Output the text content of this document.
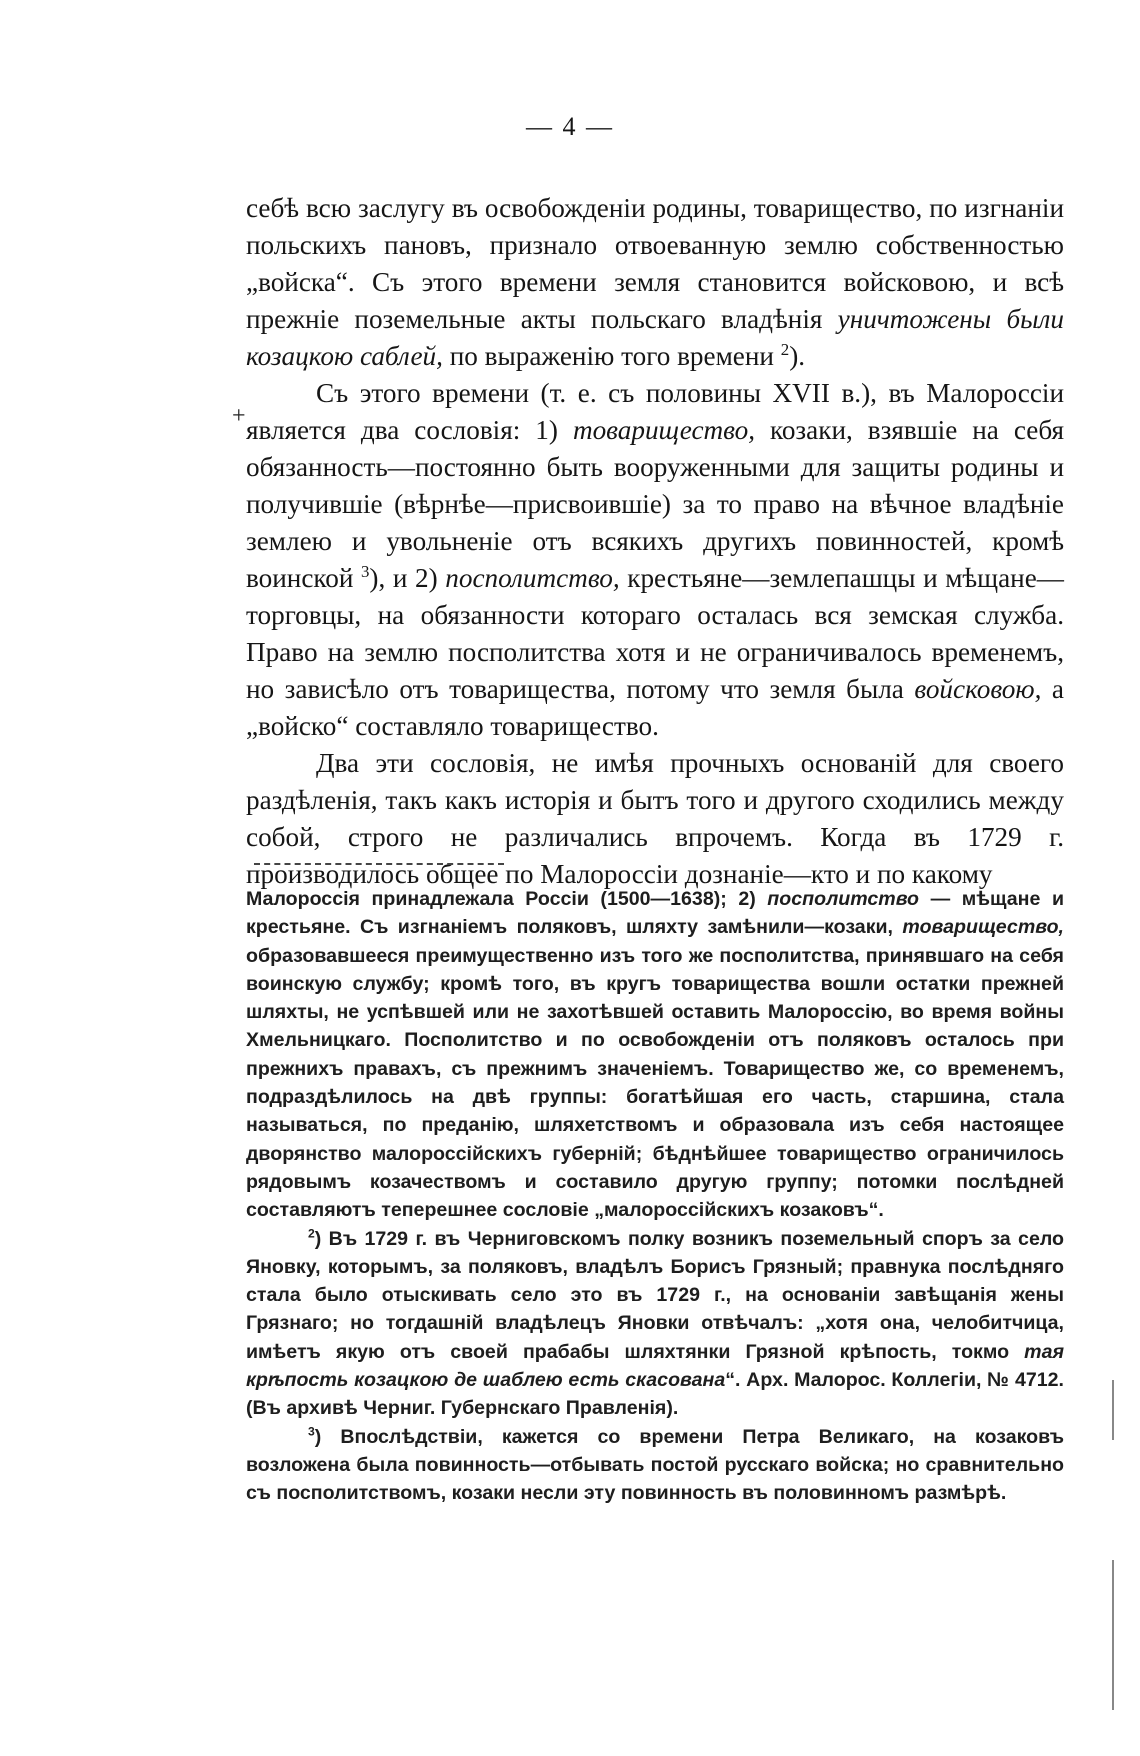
— 4 —
+

себѣ всю заслугу въ освобожденіи родины, товарищество, по изгнаніи польскихъ пановъ, признало отвоеванную землю собственностью „войска“. Съ этого времени земля становится войсковою, и всѣ прежніе поземельные акты польскаго владѣнія уничтожены были козацкою саблей, по выраженію того времени $^2$).

Съ этого времени (т. е. съ половины XVII в.), въ Малороссіи является два сословія: 1) товарищество, козаки, взявшіе на себя обязанность—постоянно быть вооруженными для защиты родины и получившіе (вѣрнѣе—присвоившіе) за то право на вѣчное владѣніе землею и увольненіе отъ всякихъ другихъ повинностей, кромѣ воинской $^3$), и 2) посполитство, крестьяне—землепашцы и мѣщане—торговцы, на обязанности котораго осталась вся земская служба. Право на землю посполитства хотя и не ограничивалось временемъ, но зависѣло отъ товарищества, потому что земля была войсковою, а „войско“ составляло товарищество.

Два эти сословія, не имѣя прочныхъ основаній для своего раздѣленія, такъ какъ исторія и бытъ того и другого сходились между собой, строго не различались впрочемъ. Когда въ 1729 г. производилось общее по Малороссіи дознаніе—кто и по какому

Малороссія принадлежала Россіи (1500—1638); 2) посполитство — мѣщане и крестьяне. Съ изгнаніемъ поляковъ, шляхту замѣнили—козаки, товарищество, образовавшееся преимущественно изъ того же посполитства, принявшаго на себя воинскую службу; кромѣ того, въ кругъ товарищества вошли остатки прежней шляхты, не успѣвшей или не захотѣвшей оставить Малороссію, во время войны Хмельницкаго. Посполитство и по освобожденіи отъ поляковъ осталось при прежнихъ правахъ, съ прежнимъ значеніемъ. Товарищество же, со временемъ, подраздѣлилось на двѣ группы: богатѣйшая его часть, старшина, стала называться, по преданію, шляхетствомъ и образовала изъ себя настоящее дворянство малороссійскихъ губерній; бѣднѣйшее товарищество ограничилось рядовымъ козачествомъ и составило другую группу; потомки послѣдней составляютъ теперешнее сословіе „малороссійскихъ козаковъ“.

$^2$) Въ 1729 г. въ Черниговскомъ полку возникъ поземельный споръ за село Яновку, которымъ, за поляковъ, владѣлъ Борисъ Грязный; правнука послѣдняго стала было отыскивать село это въ 1729 г., на основаніи завѣщанія жены Грязнаго; но тогдашній владѣлецъ Яновки отвѣчалъ: „хотя она, челобитчица, имѣетъ якую отъ своей прабабы шляхтянки Грязной крѣпость, токмо тая крѣпость козацкою де шаблею есть скасована“. Арх. Малорос. Коллегіи, № 4712. (Въ архивѣ Черниг. Губернскаго Правленія).

$^3$) Впослѣдствіи, кажется со времени Петра Великаго, на козаковъ возложена была повинность—отбывать постой русскаго войска; но сравнительно съ посполитствомъ, козаки несли эту повинность въ половинномъ размѣрѣ.
